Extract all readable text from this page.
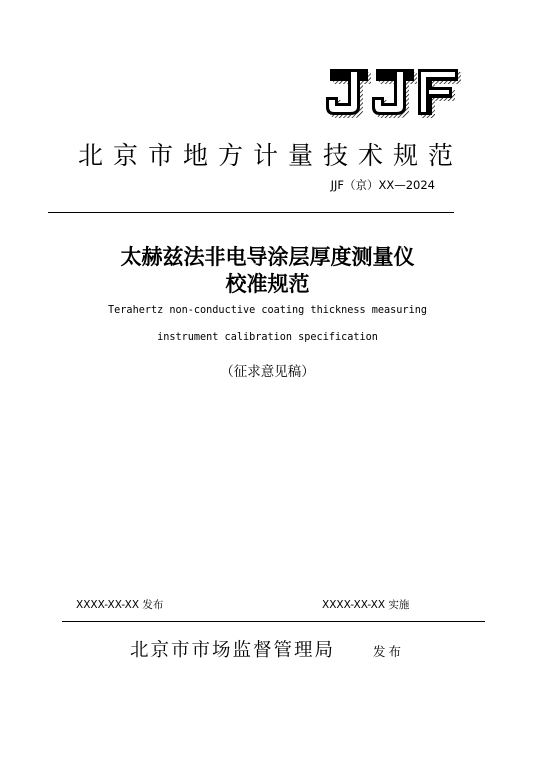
北京市地方计量技术规范
JJF（京）XX—2024
太赫兹法非电导涂层厚度测量仪
校准规范
Terahertz non-conductive coating thickness measuring
instrument calibration specification
（征求意见稿）
XXXX-XX-XX 发布	XXXX-XX-XX 实施
北京市市场监督管理局	发布
